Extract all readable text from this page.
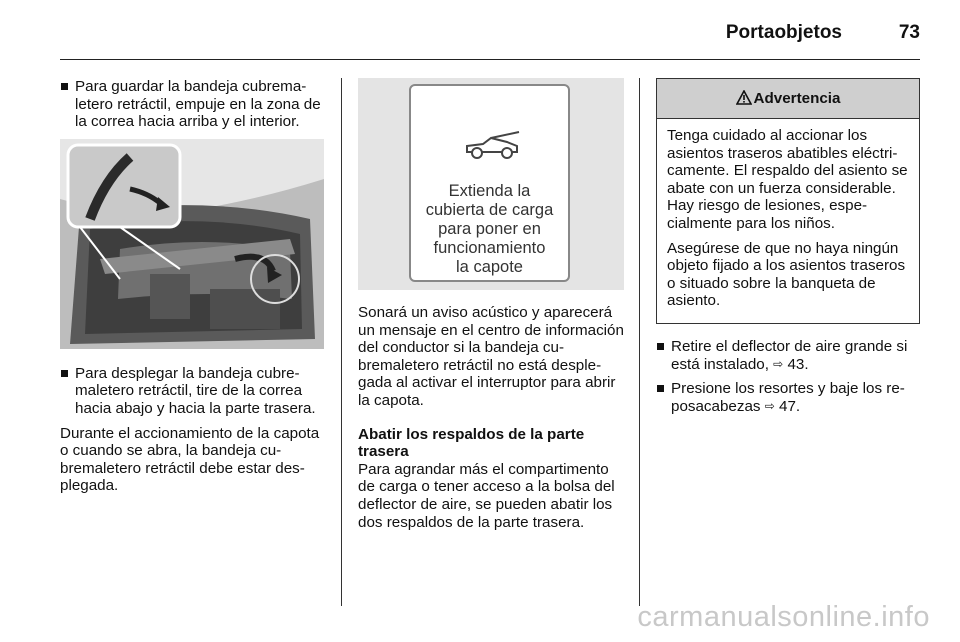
Portaobjetos	73
Para guardar la bandeja cubremaletero retráctil, empuje en la zona de la correa hacia arriba y el interior.
Para desplegar la bandeja cubremaletero retráctil, tire de la correa hacia abajo y hacia la parte trasera.
Durante el accionamiento de la capota o cuando se abra, la bandeja cubremaletero retráctil debe estar desplegada.
Extienda la
cubierta de carga
para poner en
funcionamiento
la capote
Sonará un aviso acústico y aparecerá un mensaje en el centro de información del conductor si la bandeja cubremaletero retráctil no está desplegada al activar el interruptor para abrir la capota.
Abatir los respaldos de la parte trasera
Para agrandar más el compartimento de carga o tener acceso a la bolsa del deflector de aire, se pueden abatir los dos respaldos de la parte trasera.
Advertencia
Tenga cuidado al accionar los asientos traseros abatibles eléctricamente. El respaldo del asiento se abate con un fuerza considerable. Hay riesgo de lesiones, especialmente para los niños.
Asegúrese de que no haya ningún objeto fijado a los asientos traseros o situado sobre la banqueta de asiento.
Retire el deflector de aire grande si está instalado, ⇨ 43.
Presione los resortes y baje los reposacabezas ⇨ 47.
carmanualsonline.info
